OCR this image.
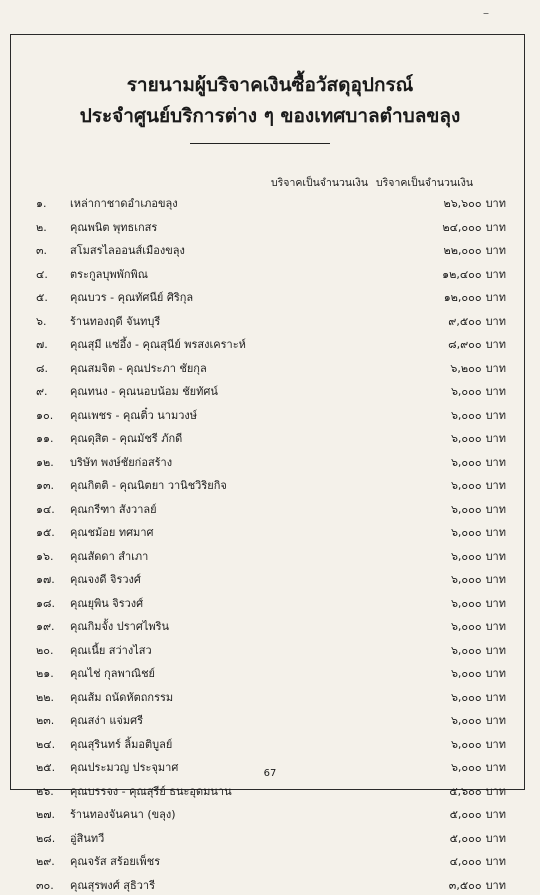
–
รายนามผู้บริจาคเงินซื้อวัสดุอุปกรณ์
ประจำศูนย์บริการต่าง ๆ ของเทศบาลตำบลขลุง
บริจาคเป็นจำนวนเงิน บริจาคเป็นจำนวนเงิน
๑.	เหล่ากาชาดอำเภอขลุง	๒๖,๖๐๐ บาท
๒.	คุณพนิต พุทธเกสร	๒๔,๐๐๐ บาท
๓.	สโมสรไลออนส์เมืองขลุง	๒๒,๐๐๐ บาท
๔.	ตระกูลบุพพักพิณ	๑๒,๔๐๐ บาท
๕.	คุณบวร - คุณทัศนีย์ ศิริกุล	๑๒,๐๐๐ บาท
๖.	ร้านทองฤดี จันทบุรี	๙,๕๐๐ บาท
๗.	คุณสุมี แซ่อึ้ง - คุณสุนีย์ พรสงเคราะห์	๘,๙๐๐ บาท
๘.	คุณสมจิต - คุณประภา ชัยกุล	๖,๒๐๐ บาท
๙.	คุณทนง - คุณนอบน้อม ชัยทัศน์	๖,๐๐๐ บาท
๑๐.	คุณเพชร - คุณติ๋ว นามวงษ์	๖,๐๐๐ บาท
๑๑.	คุณดุสิต - คุณมัชรี ภักดี	๖,๐๐๐ บาท
๑๒.	บริษัท พงษ์ชัยก่อสร้าง	๖,๐๐๐ บาท
๑๓.	คุณกิตติ - คุณนิตยา วานิชวิริยกิจ	๖,๐๐๐ บาท
๑๔.	คุณกรีฑา สังวาลย์	๖,๐๐๐ บาท
๑๕.	คุณชม้อย ทศมาศ	๖,๐๐๐ บาท
๑๖.	คุณสัดดา สำเภา	๖,๐๐๐ บาท
๑๗.	คุณจงดี จิรวงศ์	๖,๐๐๐ บาท
๑๘.	คุณยุพิน จิรวงศ์	๖,๐๐๐ บาท
๑๙.	คุณกิมจั้ง ปราศไพริน	๖,๐๐๐ บาท
๒๐.	คุณเนี้ย สว่างไสว	๖,๐๐๐ บาท
๒๑.	คุณไช่ กุลพาณิชย์	๖,๐๐๐ บาท
๒๒.	คุณส้ม ถนัดหัตถกรรม	๖,๐๐๐ บาท
๒๓.	คุณสง่า แจ่มศรี	๖,๐๐๐ บาท
๒๔.	คุณสุรินทร์ ลิ้มอติบูลย์	๖,๐๐๐ บาท
๒๕.	คุณประมวญ ประจุมาศ	๖,๐๐๐ บาท
๒๖.	คุณบรรจง - คุณสุรีย์ ธนะอุดมนาน	๕,๖๐๐ บาท
๒๗.	ร้านทองจันคนา (ขลุง)	๕,๐๐๐ บาท
๒๘.	อู่สินทวี	๕,๐๐๐ บาท
๒๙.	คุณจรัส สร้อยเพ็ชร	๔,๐๐๐ บาท
๓๐.	คุณสุรพงศ์ สุธิวารี	๓,๕๐๐ บาท
67
